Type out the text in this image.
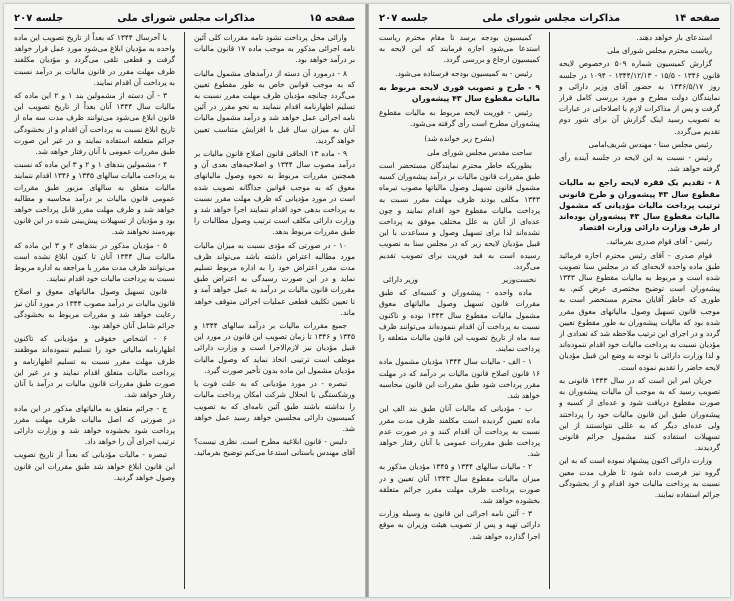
صفحه ۱۵
مذاکرات مجلس شورای ملی
جلسه ۲۰۷

وارائی محل پرداخت نشود تامه مقررات کلی آئین نامه اجرائی مذکور به موجب ماده ۱۷ قانون مالیات بر درآمد خواهد بود.

۸ - درمورد آن دسته از درآمدهای مشمول مالیات که به موجب قوانین خاص به طور مقطوع تعیین می‌گردد چنانچه مؤدیان ظرف مهلت مقرر نسبت به تسلیم اظهارنامه اقدام ننمایند به نحو مقرر در آئین نامه اجرائی عمل خواهد شد و درآمد مشمول مالیات آنان به میزان سال قبل با افزایش متناسب تعیین خواهد گردید.

۹ - ماده ۱۳ الحاقی قانون اصلاح قانون مالیات بر درآمد مصوب سال ۱۳۴۴ و اصلاحیه‌های بعدی آن و همچنین مقررات مربوط به نحوه وصول مالیاتهای معوق که به موجب قوانین جداگانه تصویب شده است در مورد مؤدیانی که ظرف مهلت مقرر نسبت به پرداخت بدهی خود اقدام ننمایند اجرا خواهد شد و وزارت دارائی مکلف است ترتیب وصول مطالبات را طبق مقررات مربوط بدهد.

۱۰ - در صورتی که مؤدی نسبت به میزان مالیات مورد مطالبه اعتراض داشته باشد می‌تواند ظرف مدت مقرر اعتراض خود را به اداره مربوط تسلیم نماید و در این صورت رسیدگی به اعتراض طبق مقررات قانون مالیات بر درآمد به عمل خواهد آمد و تا تعیین تکلیف قطعی عملیات اجرائی متوقف خواهد ماند.

جمیع مقررات مالیات بر درآمد سالهای ۱۳۴۴ و ۱۳۴۵ و ۱۳۴۶ تا زمان تصویب این قانون در مورد این قبیل مؤدیان نیز لازم‌الاجرا است و وزارت دارائی موظف است ترتیبی اتخاذ نماید که وصول مالیات مؤدیان مشمول این ماده بدون تأخیر صورت گیرد.

تبصره - در مورد مؤدیانی که به علت فوت یا ورشکستگی یا انحلال شرکت امکان پرداخت مالیات را نداشته باشند طبق آئین نامه‌ای که به تصویب کمیسیون دارائی مجلسین خواهد رسید عمل خواهد شد.

دلیس - قانون ابلاغیه مطرح است. نظری نیست؟ آقای مهندس باستانی استدعا می‌کنم توضیح بفرمائید.

با آخرسال ۱۳۴۴ که بعداً از تاریخ تصویب این ماده واحده به مؤدیان ابلاغ می‌شود مورد عمل قرار خواهد گرفت و قطعی تلقی می‌گردد و مؤدیان مکلفند ظرف مهلت مقرر در قانون مالیات بر درآمد نسبت به پرداخت آن اقدام نمایند.

۳ - آن دسته از مشمولین بند ۱ و ۲ این ماده که مالیات سال ۱۳۴۴ آنان بعداً از تاریخ تصویب این قانون ابلاغ می‌شود می‌توانند ظرف مدت سه ماه از تاریخ ابلاغ نسبت به پرداخت آن اقدام و از بخشودگی جرائم متعلقه استفاده نمایند و در غیر این صورت طبق مقررات عمومی با آنان رفتار خواهد شد.

۴ - مشمولین بندهای ۱ و ۲ و ۳ این ماده که نسبت به پرداخت مالیات سالهای ۱۳۴۵ و ۱۳۴۶ اقدام ننمایند مالیات متعلق به سالهای مزبور طبق مقررات عمومی قانون مالیات بر درآمد محاسبه و مطالبه خواهد شد و ظرف مهلت مقرر قابل پرداخت خواهد بود و مؤدیان از تسهیلات پیش‌بینی شده در این قانون بهره‌مند نخواهند شد.

۵ - مؤدیان مذکور در بندهای ۲ و ۳ این ماده که مالیات سال ۱۳۴۴ آنان تا کنون ابلاغ نشده است می‌توانند ظرف مدت مقرر با مراجعه به اداره مربوط نسبت به پرداخت مالیات خود اقدام نمایند.

قانون تسهیل وصول مالیاتهای معوق و اصلاح قانون مالیات بر درآمد مصوب ۱۳۴۴ در مورد آنان نیز رعایت خواهد شد و مقررات مربوط به بخشودگی جرائم شامل آنان خواهد بود.

۶ - اشخاص حقوقی و مؤدیانی که تاکنون اظهارنامه مالیاتی خود را تسلیم ننموده‌اند موظفند ظرف مهلت مقرر نسبت به تسلیم اظهارنامه و پرداخت مالیات متعلق اقدام نمایند و در غیر این صورت طبق مقررات قانون مالیات بر درآمد با آنان رفتار خواهد شد.

ج - جرائم متعلق به مالیاتهای مذکور در این ماده در صورتی که اصل مالیات ظرف مهلت مقرر پرداخت شود بخشوده خواهد شد و وزارت دارائی ترتیب اجرای آن را خواهد داد.

تبصره - مالیات مؤدیانی که بعداً از تاریخ تصویب این قانون ابلاغ خواهد شد طبق مقررات این قانون وصول خواهد گردید.

صفحه ۱۴
مذاکرات مجلس شورای ملی
جلسه ۲۰۷

استدعای بار خواهد دهند.

ریاست محترم مجلس شورای ملی

گزارش کمیسیون شماره ۵۰۹ درخصوص لایحه قانون ۱۳۴۶ - ۱۵/۵ - ۱۳۴۴/۱۲/۱۳ - ۱۰۹۴ در جلسه روز ۱۳۴۶/۵/۱۷ به حضور آقای وزیر دارائی و نمایندگان دولت مطرح و مورد بررسی کامل قرار گرفت و پس از مذاکرات لازم با اصلاحاتی در عبارات به تصویب رسید اینک گزارش آن برای شور دوم تقدیم می‌گردد.

رئیس مجلس سنا - مهندس شریف‌امامی

رئیس - نسبت به این لایحه در جلسه آینده رأی گرفته خواهد شد.

۸ - تقدیم یک فقره لایحه راجع به مالیات مقطوع سال ۴۳ پیشه‌وران و طرح قانونی ترتیب پرداخت مالیات مؤدیانی که مشمول مالیات مقطوع سال ۴۳ پیشه‌وران بوده‌اند از طرف وزارت دارائی وزارت اقتصاد

رئیس - آقای قوام صدری بفرمائید.

قوام صدری - آقای رئیس محترم اجازه فرمائید طبق ماده واحده لایحه‌ای که در مجلس سنا تصویب شده است و مربوط به مالیات مقطوع سال ۱۳۴۳ پیشه‌وران است توضیح مختصری عرض کنم. به طوری که خاطر آقایان محترم مستحضر است به موجب قانون تسهیل وصول مالیاتهای معوق مقرر شده بود که مالیات پیشه‌وران به طور مقطوع تعیین گردد و در اجرای این ترتیب ملاحظه شد که تعدادی از مؤدیان نسبت به پرداخت مالیات خود اقدام ننموده‌اند و لذا وزارت دارائی با توجه به وضع این قبیل مؤدیان لایحه حاضر را تقدیم نموده است.

جریان امر این است که در سال ۱۳۴۳ قانونی به تصویب رسید که به موجب آن مالیات پیشه‌وران به صورت مقطوع دریافت شود و عده‌ای از کسبه و پیشه‌وران طبق این قانون مالیات خود را پرداختند ولی عده‌ای دیگر که به عللی نتوانستند از این تسهیلات استفاده کنند مشمول جرائم قانونی گردیدند.

وزارت دارائی اکنون پیشنهاد نموده است که به این گروه نیز فرصت داده شود تا ظرف مدت معین نسبت به پرداخت مالیات خود اقدام و از بخشودگی جرائم استفاده نمایند.

کمیسیون بودجه برسد تا مقام محترم ریاست استدعا می‌شود اجازه فرمایند که این لایحه به کمیسیون ارجاع و بررسی گردد.

رئیس - به کمیسیون بودجه فرستاده می‌شود.

۹ - طرح و تصویب فوری لایحه مربوط به مالیات مقطوع سال ۴۳ پیشه‌وران

رئیس - فوریت لایحه مربوط به مالیات مقطوع پیشه‌وران مطرح است رأی گرفته می‌شود.

(بشرح زیر خوانده شد)

ساحت مقدس مجلس شورای ملی

بطوریکه خاطر محترم نمایندگان مستحضر است طبق مقررات قانون مالیات بر درآمد پیشه‌وران کسبه مشمول قانون تسهیل وصول مالیاتها مصوب تیرماه ۱۳۴۳ مکلف بودند ظرف مهلت مقرر نسبت به پرداخت مالیات مقطوع خود اقدام نمایند و چون عده‌ای از آنان به علل مختلف موفق به پرداخت نشده‌اند لذا برای تسهیل وصول و مساعدت با این قبیل مؤدیان لایحه زیر که در مجلس سنا به تصویب رسیده است به قید فوریت برای تصویب تقدیم می‌گردد.

نخست‌وزیر
وزیر دارائی

ماده واحده - پیشه‌وران و کسبه‌ای که طبق مقررات قانون تسهیل وصول مالیاتهای معوق مشمول مالیات مقطوع سال ۱۳۴۳ بوده و تاکنون نسبت به پرداخت آن اقدام ننموده‌اند می‌توانند ظرف سه ماه از تاریخ تصویب این قانون مالیات متعلقه را پرداخت نمایند.

۱ - الف - مالیات سال ۱۳۴۴ مؤدیان مشمول ماده ۱۶ قانون اصلاح قانون مالیات بر درآمد که در مهلت مقرر پرداخت شود طبق مقررات این قانون محاسبه خواهد شد.

ب - مؤدیانی که مالیات آنان طبق بند الف این ماده تعیین گردیده است مکلفند ظرف مدت مقرر نسبت به پرداخت آن اقدام کنند و در صورت عدم پرداخت طبق مقررات عمومی با آنان رفتار خواهد شد.

۲ - مالیات سالهای ۱۳۴۴ و ۱۳۴۵ مؤدیان مذکور به میزان مالیات مقطوع سال ۱۳۴۳ آنان تعیین و در صورت پرداخت ظرف مهلت مقرر جرائم متعلقه بخشوده خواهد شد.

۳ - آئین نامه اجرائی این قانون به وسیله وزارت دارائی تهیه و پس از تصویب هیئت وزیران به موقع اجرا گذارده خواهد شد.
